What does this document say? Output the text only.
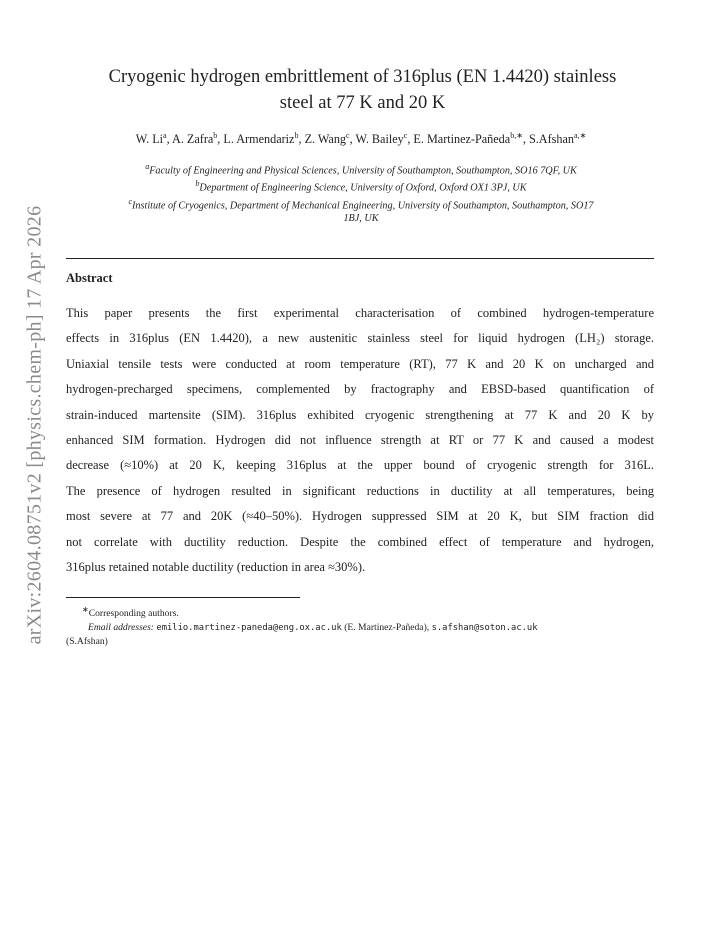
arXiv:2604.08751v2 [physics.chem-ph] 17 Apr 2026
Cryogenic hydrogen embrittlement of 316plus (EN 1.4420) stainless
steel at 77 K and 20 K
W. Li$^a$, A. Zafra$^b$, L. Armendariz$^b$, Z. Wang$^c$, W. Bailey$^c$, E. Martinez-Pañeda$^{b,∗}$, S.Afshan$^{a,∗}$
$^a$Faculty of Engineering and Physical Sciences, University of Southampton, Southampton, SO16 7QF, UK
$^b$Department of Engineering Science, University of Oxford, Oxford OX1 3PJ, UK
$^c$Institute of Cryogenics, Department of Mechanical Engineering, University of Southampton, Southampton, SO17
1BJ, UK
Abstract
This paper presents the first experimental characterisation of combined hydrogen-temperature
effects in 316plus (EN 1.4420), a new austenitic stainless steel for liquid hydrogen (LH₂) storage.
Uniaxial tensile tests were conducted at room temperature (RT), 77 K and 20 K on uncharged and
hydrogen-precharged specimens, complemented by fractography and EBSD-based quantification of
strain-induced martensite (SIM). 316plus exhibited cryogenic strengthening at 77 K and 20 K by
enhanced SIM formation. Hydrogen did not influence strength at RT or 77 K and caused a modest
decrease (≈10%) at 20 K, keeping 316plus at the upper bound of cryogenic strength for 316L.
The presence of hydrogen resulted in significant reductions in ductility at all temperatures, being
most severe at 77 and 20K (≈40–50%). Hydrogen suppressed SIM at 20 K, but SIM fraction did
not correlate with ductility reduction. Despite the combined effect of temperature and hydrogen,
316plus retained notable ductility (reduction in area ≈30%).
∗Corresponding authors.
Email addresses: emilio.martinez-paneda@eng.ox.ac.uk (E. Martinez-Pañeda), s.afshan@soton.ac.uk
(S.Afshan)
